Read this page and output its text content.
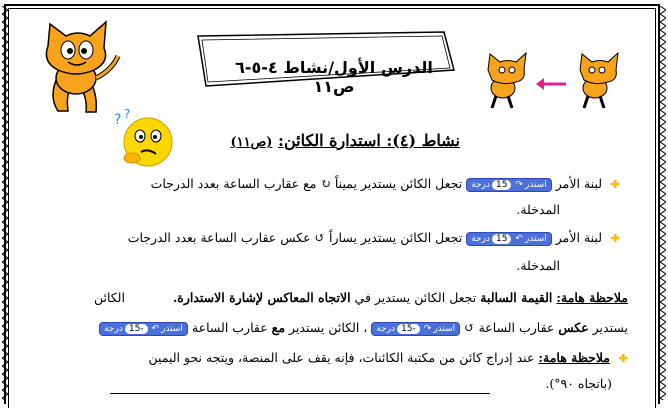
الدرس الأول/نشاط ٤-٥-٦ ص١١
? ?
نشاط (٤): استدارة الكائن: (ص١١)
✚ لبنة الأمر استدر↷15درجة تجعل الكائن يستدير يميناً ↻ مع عقارب الساعة بعدد الدرجات
المدخلة.
✚ لبنة الأمر استدر↶15درجة تجعل الكائن يستدير يساراً ↺ عكس عقارب الساعة بعدد الدرجات
المدخلة.
ملاحظة هامة: القيمة السالبة تجعل الكائن يستدير في الاتجاه المعاكس لإشارة الاستدارة.  الكائن
يستدير عكس عقارب الساعة ↺ استدر↷-15درجة ، الكائن يستدير مع عقارب الساعة استدر↶-15درجة
✚ ملاحظة هامة: عند إدراج كائن من مكتبة الكائنات، فإنه يقف على المنصة، ويتجه نحو اليمين
(باتجاه ٩٠°).
